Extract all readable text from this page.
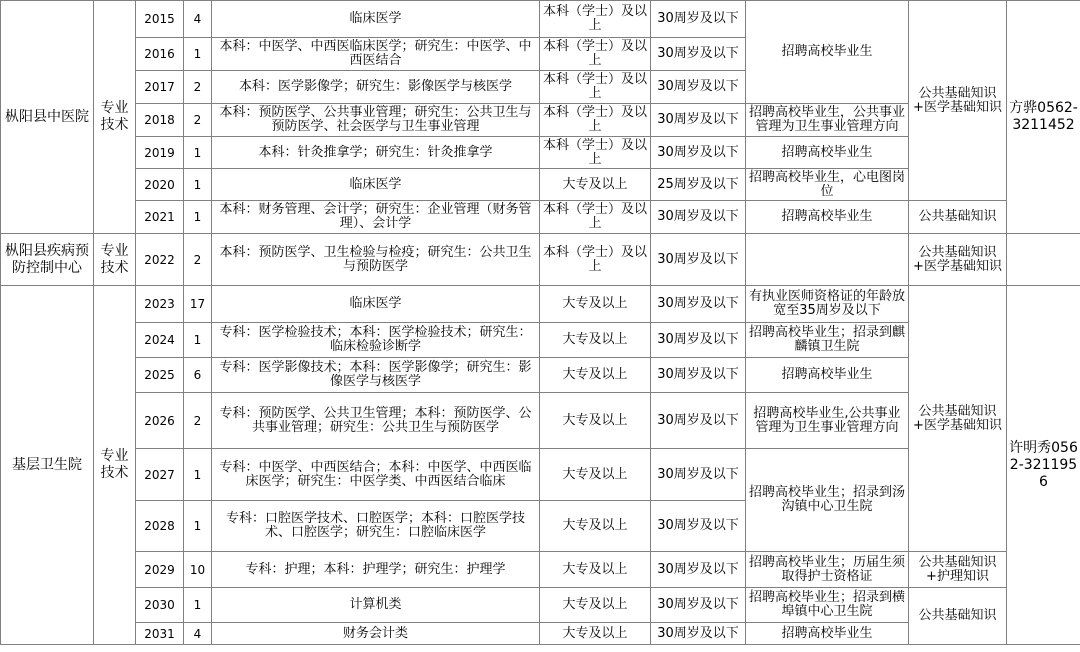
枞阳县中医院	专业技术	2015	4	临床医学	本科（学士）及以上	30周岁及以下	招聘高校毕业生	公共基础知识+医学基础知识	方骅0562-3211452
		2016	1	本科：中医学、中西医临床医学；研究生：中医学、中西医结合	本科（学士）及以上	30周岁及以下			
		2017	2	本科：医学影像学；研究生：影像医学与核医学	本科（学士）及以上	30周岁及以下			
		2018	2	本科：预防医学、公共事业管理；研究生：公共卫生与预防医学、社会医学与卫生事业管理	本科（学士）及以上	30周岁及以下	招聘高校毕业生，公共事业管理为卫生事业管理方向		
		2019	1	本科：针灸推拿学；研究生：针灸推拿学	本科（学士）及以上	30周岁及以下	招聘高校毕业生		
		2020	1	临床医学	大专及以上	25周岁及以下	招聘高校毕业生，心电图岗位		
		2021	1	本科：财务管理、会计学；研究生：企业管理（财务管理）、会计学	本科（学士）及以上	30周岁及以下	招聘高校毕业生	公共基础知识	
枞阳县疾病预防控制中心	专业技术	2022	2	本科：预防医学、卫生检验与检疫；研究生：公共卫生与预防医学	本科（学士）及以上	30周岁及以下		公共基础知识+医学基础知识	
基层卫生院	专业技术	2023	17	临床医学	大专及以上	30周岁及以下	有执业医师资格证的年龄放宽至35周岁及以下	公共基础知识+医学基础知识	许明秀0562-3211956
		2024	1	专科：医学检验技术；本科：医学检验技术；研究生：临床检验诊断学	大专及以上	30周岁及以下	招聘高校毕业生；招录到麒麟镇卫生院		
		2025	6	专科：医学影像技术；本科：医学影像学；研究生：影像医学与核医学	大专及以上	30周岁及以下	招聘高校毕业生		
		2026	2	专科：预防医学、公共卫生管理；本科：预防医学、公共事业管理；研究生：公共卫生与预防医学	大专及以上	30周岁及以下	招聘高校毕业生,公共事业管理为卫生事业管理方向		
		2027	1	专科：中医学、中西医结合；本科：中医学、中西医临床医学；研究生：中医学类、中西医结合临床	大专及以上	30周岁及以下	招聘高校毕业生；招录到汤沟镇中心卫生院		
		2028	1	专科：口腔医学技术、口腔医学；本科：口腔医学技术、口腔医学；研究生：口腔临床医学	大专及以上	30周岁及以下			
		2029	10	专科：护理；本科：护理学；研究生：护理学	大专及以上	30周岁及以下	招聘高校毕业生；历届生须取得护士资格证	公共基础知识+护理知识	
		2030	1	计算机类	大专及以上	30周岁及以下	招聘高校毕业生；招录到横埠镇中心卫生院	公共基础知识	
		2031	4	财务会计类	大专及以上	30周岁及以下	招聘高校毕业生		
